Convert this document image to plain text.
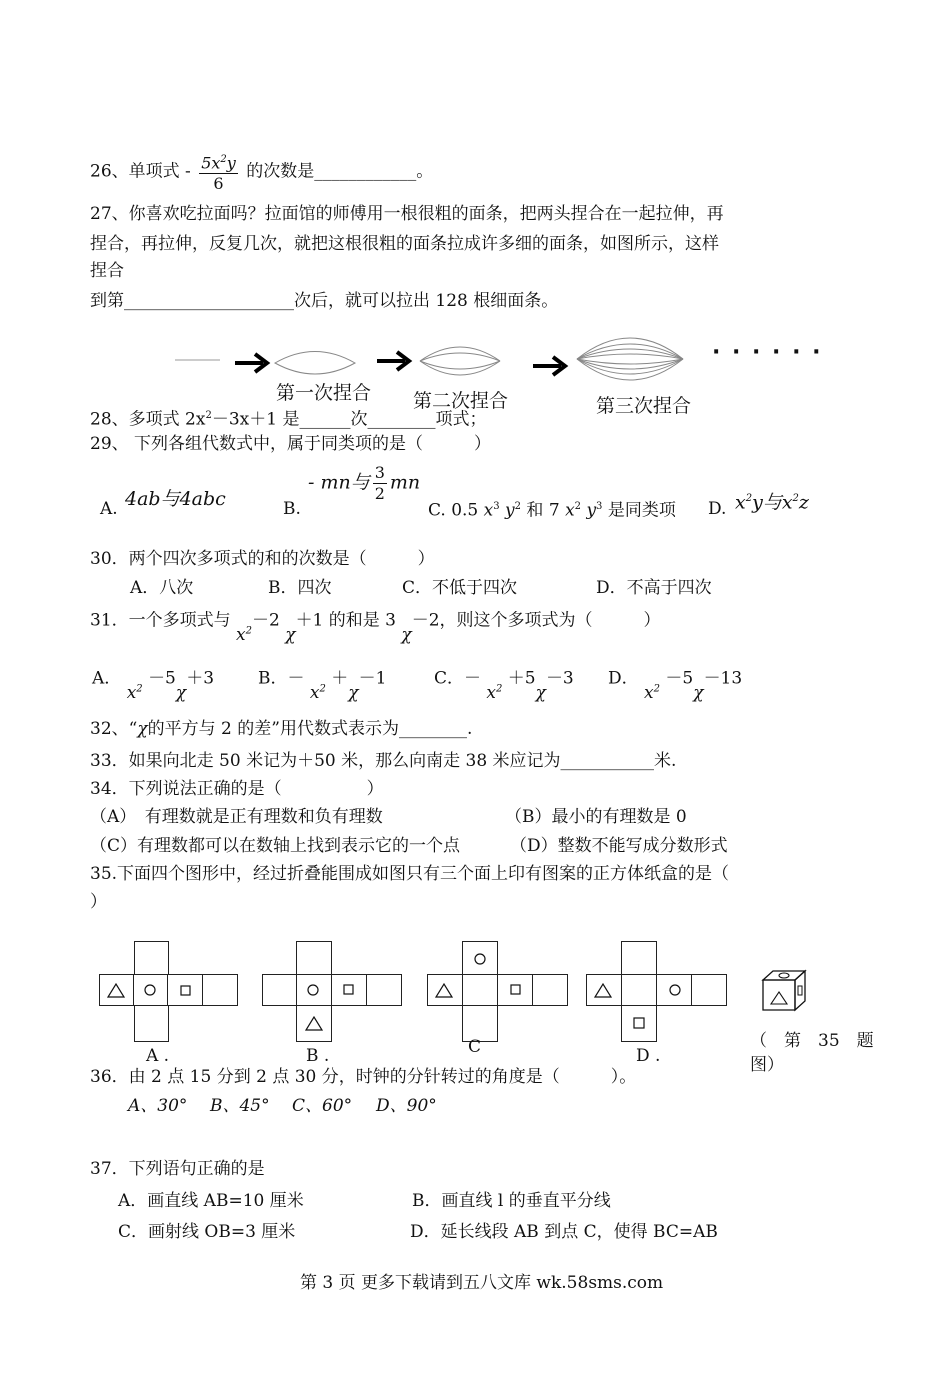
26、单项式 - $\frac{5x^2y}{6}$ 的次数是____________。
27、你喜欢吃拉面吗？拉面馆的师傅用一根很粗的面条，把两头捏合在一起拉伸，再
捏合，再拉伸，反复几次，就把这根很粗的面条拉成许多细的面条，如图所示，这样
捏合
到第____________________次后，就可以拉出 128 根细面条。
第一次捏合 第二次捏合	第三次捏合
· · · · · ·
28、多项式 $2x^2-3x+1$ 是______次________项式；
29、 下列各组代数式中，属于同类项的是（　　　）
A. 4ab与4abc	B.
- mn与 $\frac{3}{2}$ mn
C. 0.5 $x^3$ $y^2$ 和 7 $x^2$ $y^3$ 是同类项 D. $x^2y$与$x^2z$
30．两个四次多项式的和的次数是（　　　）
A．八次	B．四次	C．不低于四次	D．不高于四次
31．一个多项式与 $x^2-2$ χ＋1 的和是 3 χ－2，则这个多项式为（　　　）
A． $x^2 -5\chi+3$	B．－ $x^2 +\chi-1$	C．－ $x^2 +5\chi-3$ D． $x^2 -5\chi-13$
32、“χ的平方与 2 的差”用代数式表示为________.
33．如果向北走 50 米记为＋50 米，那么向南走 38 米应记为___________米.
34．下列说法正确的是（　　　　　）
（A）　有理数就是正有理数和负有理数	（B）最小的有理数是 0
（C）有理数都可以在数轴上找到表示它的一个点	（D）整数不能写成分数形式
35.下面四个图形中，经过折叠能围成如图只有三个面上印有图案的正方体纸盒的是（
）
A .	B .	C	D .
（　第　35　题
图）
36．由 2 点 15 分到 2 点 30 分，时钟的分针转过的角度是（　　　）。
A、30° B、45° C、60° D、90°
37．下列语句正确的是
A．画直线 AB=10 厘米	B．画直线 l 的垂直平分线
C．画射线 OB=3 厘米	D．延长线段 AB 到点 C，使得 BC=AB
第 3 页 更多下载请到五八文库 wk.58sms.com
